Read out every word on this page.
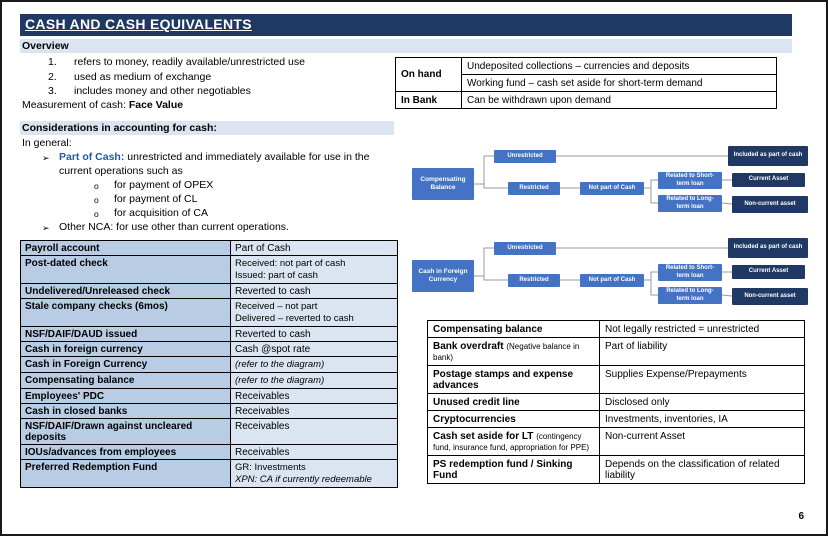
CASH AND CASH EQUIVALENTS
Overview
1.	refers to money, readily available/unrestricted use
2.	used as medium of exchange
3.	includes money and other negotiables
Measurement of cash: Face Value
On hand	Undeposited collections – currencies and deposits
	Working fund – cash set aside for short-term demand
In Bank	Can be withdrawn upon demand
Considerations in accounting for cash:
In general:
➢ Part of Cash: unrestricted and immediately available for use in the current operations such as
o	for payment of OPEX
o	for payment of CL
o	for acquisition of CA
➢ Other NCA: for use other than current operations.
Compensating Balance
Unrestricted	Included as part of cash
Restricted	Not part of Cash
Related to Short-term loan
Current Asset
Related to Long-term loan	Non-current asset
Cash in Foreign Currency
Unrestricted	Included as part of cash
Restricted	Not part of Cash
Related to Short-term loan
Current Asset
Related to Long-term loan	Non-current asset
Payroll account	Part of Cash

Post-dated check	Received: not part of cash
Issued: part of cash

Undelivered/Unreleased check	Reverted to cash

Stale company checks (6mos)	Received – not part
Delivered – reverted to cash

NSF/DAIF/DAUD issued	Reverted to cash

Cash in foreign currency	Cash @spot rate

Cash in Foreign Currency	(refer to the diagram)

Compensating balance	(refer to the diagram)

Employees' PDC	Receivables

Cash in closed banks	Receivables

NSF/DAIF/Drawn against uncleared deposits	Receivables

IOUs/advances from employees	Receivables

Preferred Redemption Fund	GR: Investments
XPN: CA if currently redeemable
Compensating balance	Not legally restricted = unrestricted
Bank overdraft (Negative balance in bank)	Part of liability
Postage stamps and expense advances	Supplies Expense/Prepayments
Unused credit line	Disclosed only
Cryptocurrencies	Investments, inventories, IA
Cash set aside for LT (contingency fund, insurance fund, appropriation for PPE)	Non-current Asset
PS redemption fund / Sinking Fund	Depends on the classification of related liability
6
